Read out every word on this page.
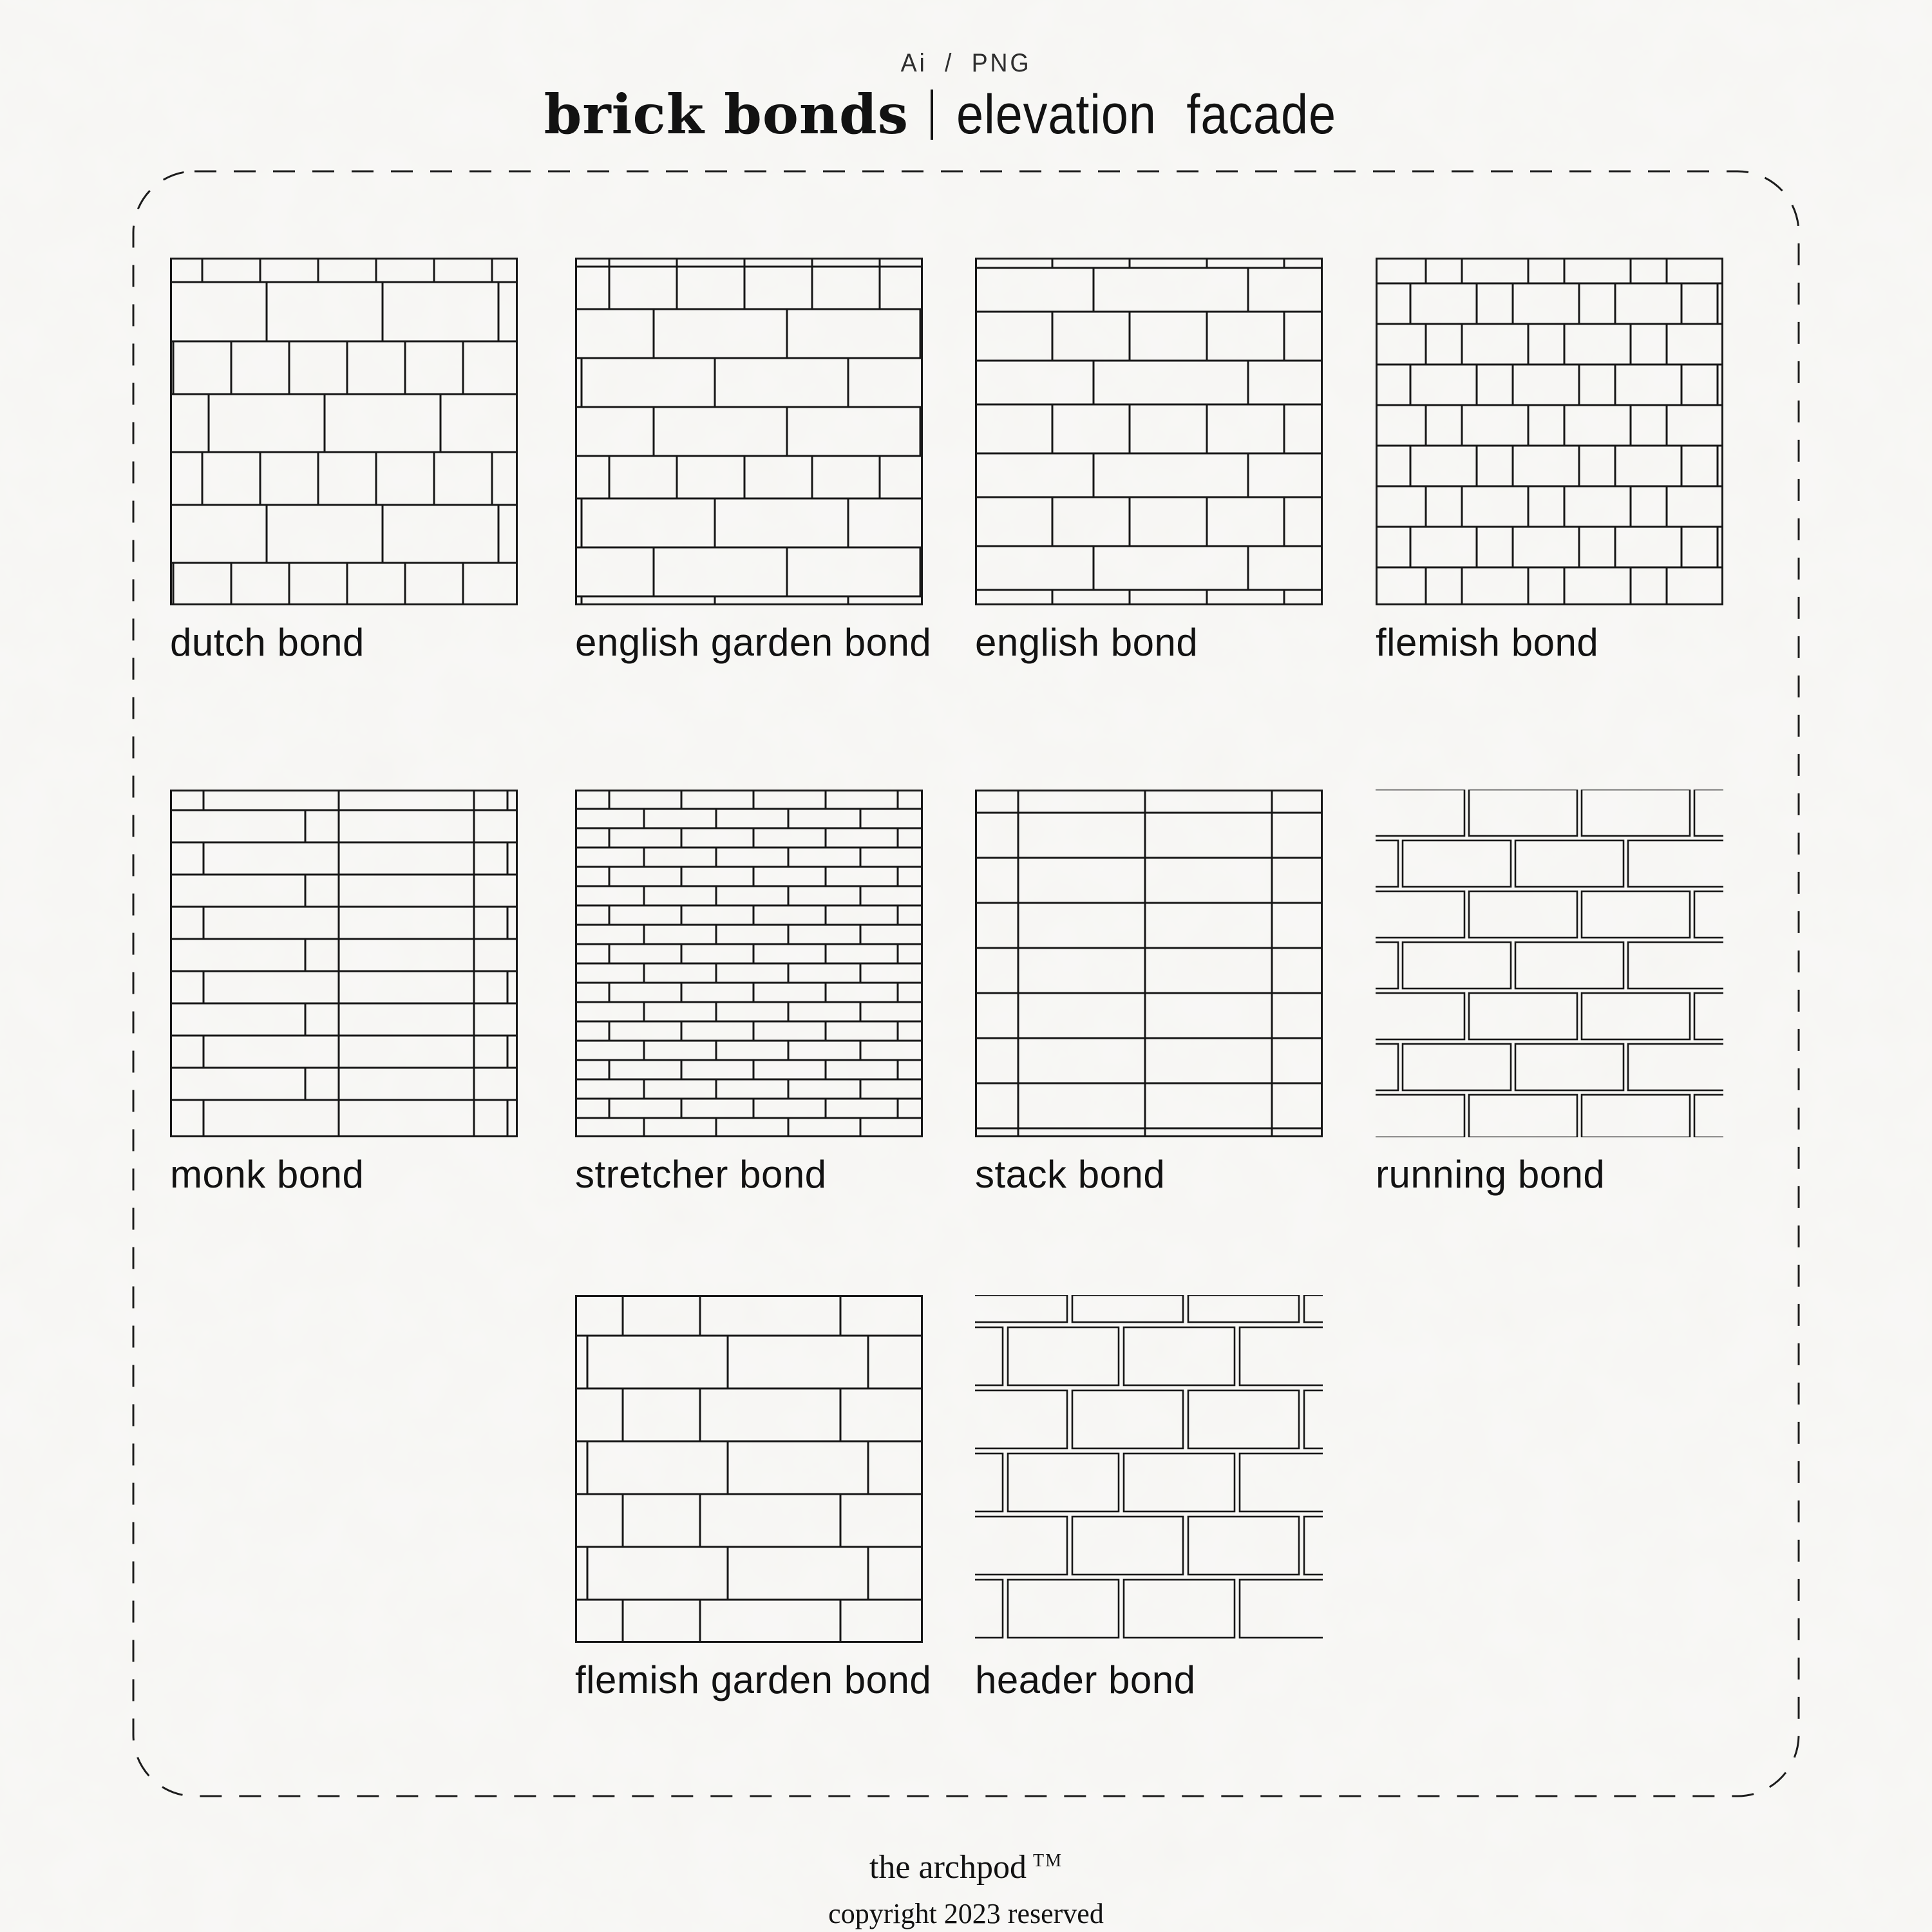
Ai / PNG
brick bonds elevation facade
dutch bond	english garden bond english bond	flemish bond
monk bond	stretcher bond	stack bond	running bond
flemish garden bond header bond
the archpod ™
copyright 2023 reserved
